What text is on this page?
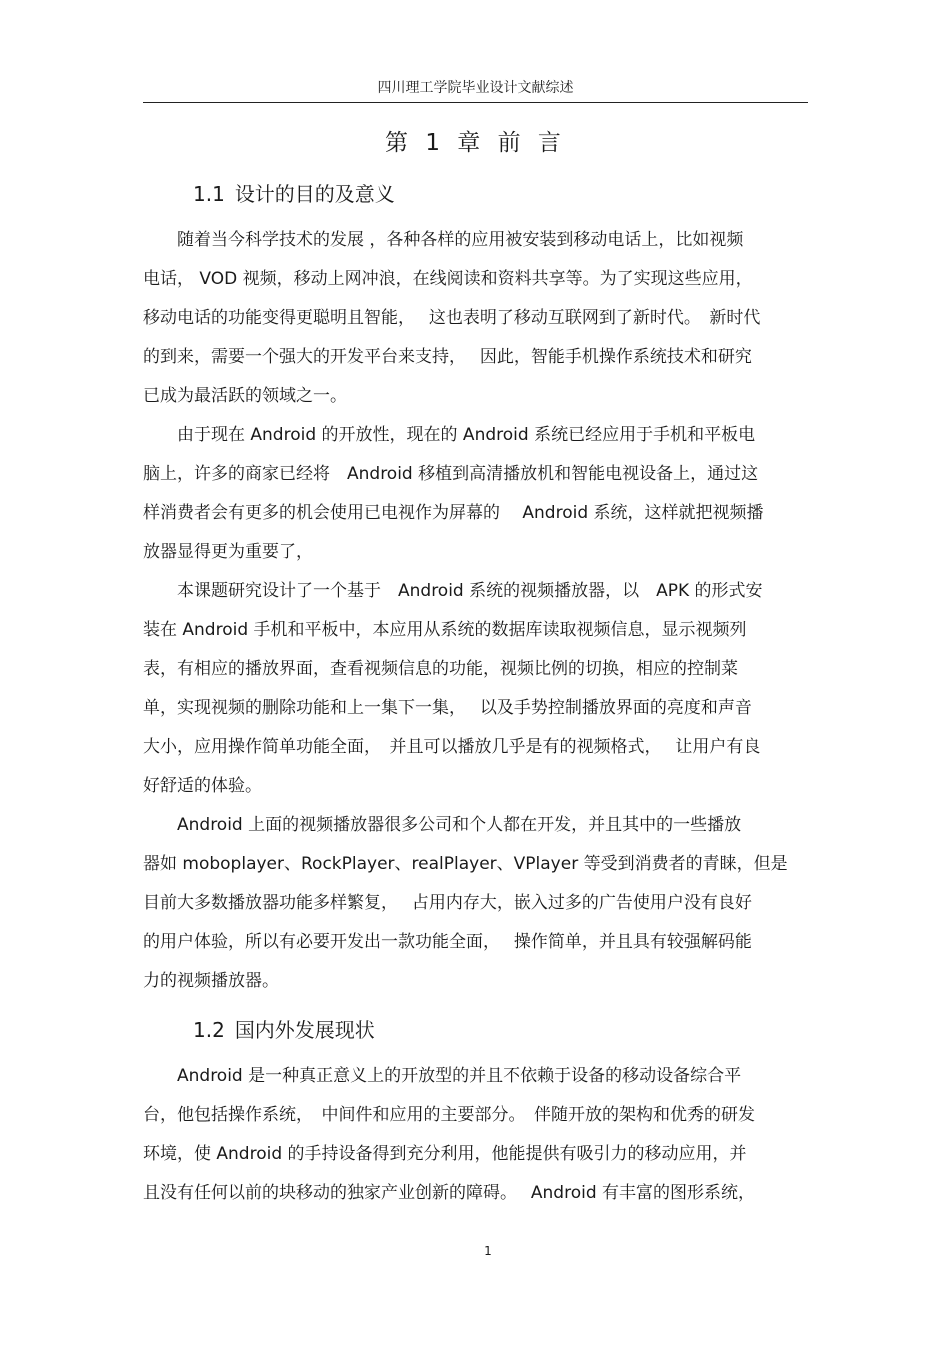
四川理工学院毕业设计文献综述
第 1 章 前 言
1.1 设计的目的及意义
　　随着当今科学技术的发展 ，各种各样的应用被安装到移动电话上，比如视频
电话， VOD 视频，移动上网冲浪，在线阅读和资料共享等。为了实现这些应用，
移动电话的功能变得更聪明且智能，　 这也表明了移动互联网到了新时代。　新时代
的到来，需要一个强大的开发平台来支持，　 因此，智能手机操作系统技术和研究
已成为最活跃的领域之一。
　　由于现在 Android 的开放性，现在的 Android 系统已经应用于手机和平板电
脑上，许多的商家已经将　Android 移植到高清播放机和智能电视设备上，通过这
样消费者会有更多的机会使用已电视作为屏幕的　 Android 系统，这样就把视频播
放器显得更为重要了，
　　本课题研究设计了一个基于　Android 系统的视频播放器，以　APK 的形式安
装在 Android 手机和平板中，本应用从系统的数据库读取视频信息，显示视频列
表，有相应的播放界面，查看视频信息的功能，视频比例的切换，相应的控制菜
单，实现视频的删除功能和上一集下一集，　 以及手势控制播放界面的亮度和声音
大小，应用操作简单功能全面，　并且可以播放几乎是有的视频格式，　 让用户有良
好舒适的体验。
　　Android 上面的视频播放器很多公司和个人都在开发，并且其中的一些播放
器如 moboplayer、RockPlayer、realPlayer、VPlayer 等受到消费者的青睐，但是
目前大多数播放器功能多样繁复，　 占用内存大，嵌入过多的广告使用户没有良好
的用户体验，所以有必要开发出一款功能全面，　 操作简单，并且具有较强解码能
力的视频播放器。
1.2 国内外发展现状
　　Android 是一种真正意义上的开放型的并且不依赖于设备的移动设备综合平
台，他包括操作系统，　中间件和应用的主要部分。　伴随开放的架构和优秀的研发
环境，使 Android 的手持设备得到充分利用，他能提供有吸引力的移动应用，并
且没有任何以前的块移动的独家产业创新的障碍。　 Android 有丰富的图形系统，
1
